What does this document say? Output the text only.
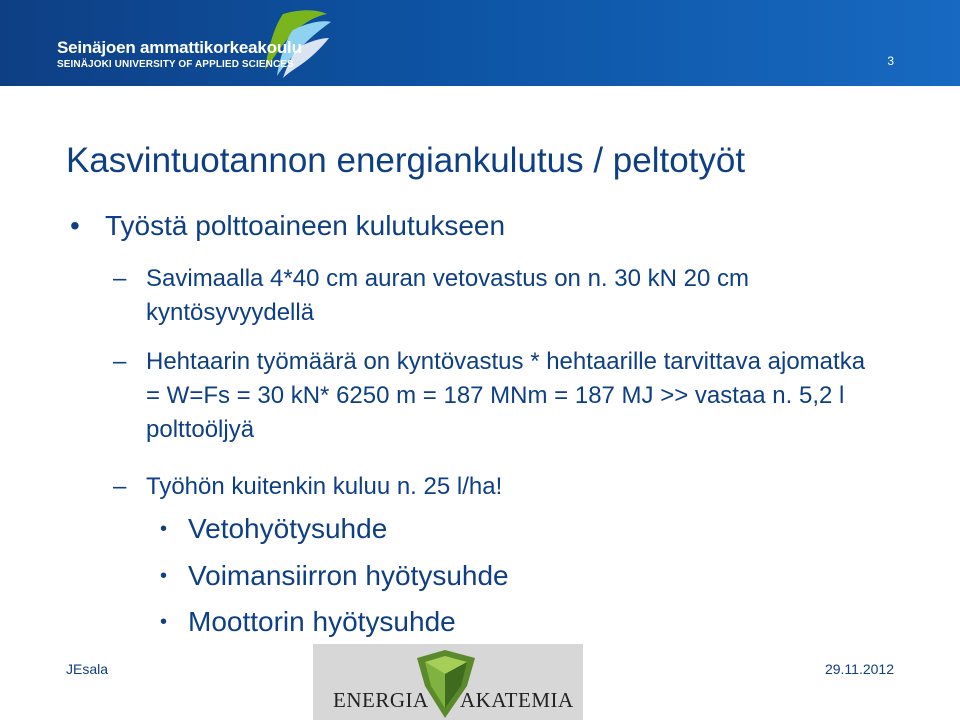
Seinäjoen ammattikorkeakoulu
SEINÄJOKI UNIVERSITY OF APPLIED SCIENCES	3
Kasvintuotannon energiankulutus / peltotyöt
• Työstä polttoaineen kulutukseen
– Savimaalla 4*40 cm auran vetovastus on n. 30 kN 20 cm kyntösyvyydellä
– Hehtaarin työmäärä on kyntövastus * hehtaarille tarvittava ajomatka = W=Fs = 30 kN* 6250 m = 187 MNm = 187 MJ >> vastaa n. 5,2 l polttoöljyä
– Työhön kuitenkin kuluu n. 25 l/ha!
• Vetohyötysuhde
• Voimansiirron hyötysuhde
• Moottorin hyötysuhde
JEsala
ENERGIA AKATEMIA
29.11.2012
